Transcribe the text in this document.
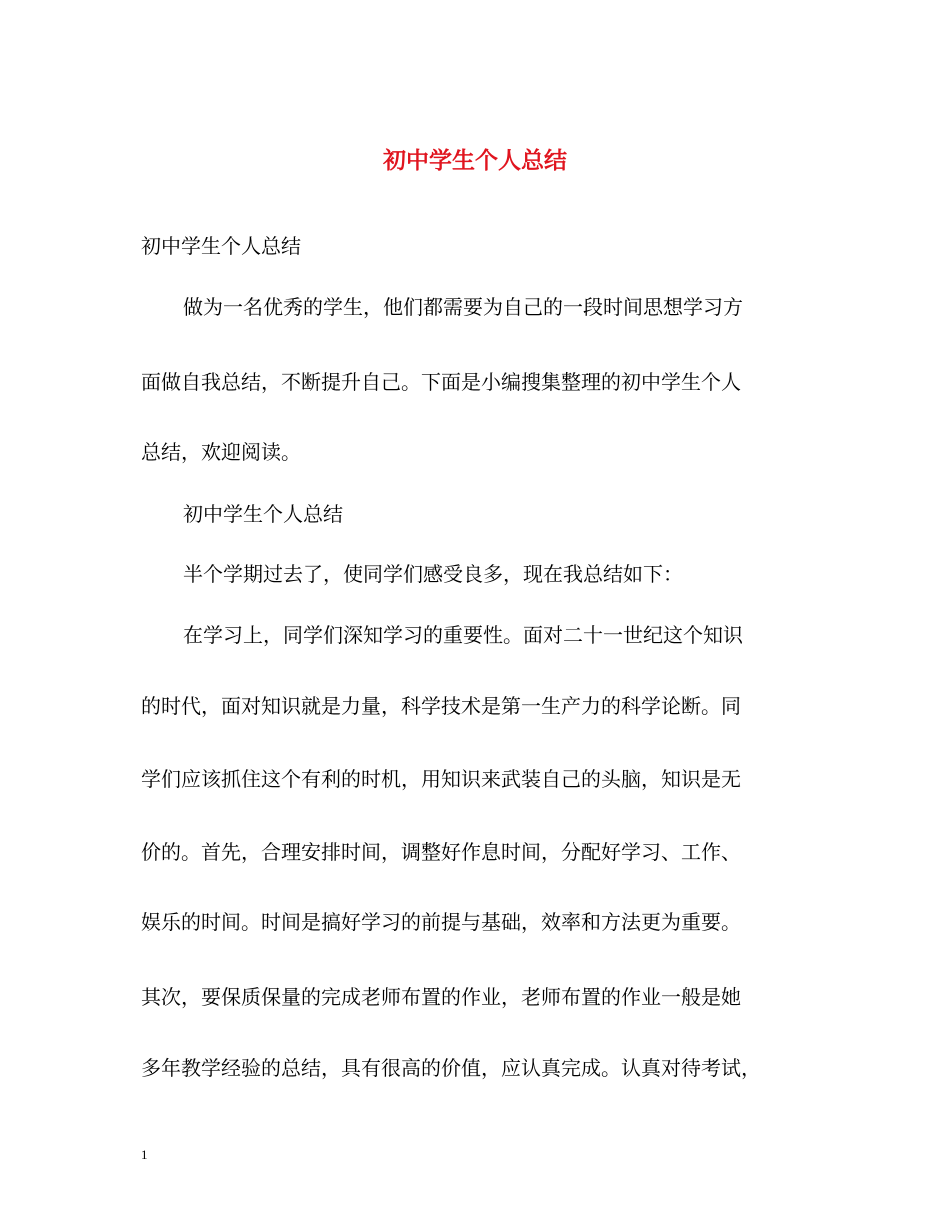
初中学生个人总结
初中学生个人总结
做为一名优秀的学生，他们都需要为自己的一段时间思想学习方
面做自我总结，不断提升自己。下面是小编搜集整理的初中学生个人
总结，欢迎阅读。
初中学生个人总结
半个学期过去了，使同学们感受良多，现在我总结如下：
在学习上，同学们深知学习的重要性。面对二十一世纪这个知识
的时代，面对知识就是力量，科学技术是第一生产力的科学论断。同
学们应该抓住这个有利的时机，用知识来武装自己的头脑，知识是无
价的。首先，合理安排时间，调整好作息时间，分配好学习、工作、
娱乐的时间。时间是搞好学习的前提与基础，效率和方法更为重要。
其次，要保质保量的完成老师布置的作业，老师布置的作业一般是她
多年教学经验的总结，具有很高的价值，应认真完成。认真对待考试，
1
